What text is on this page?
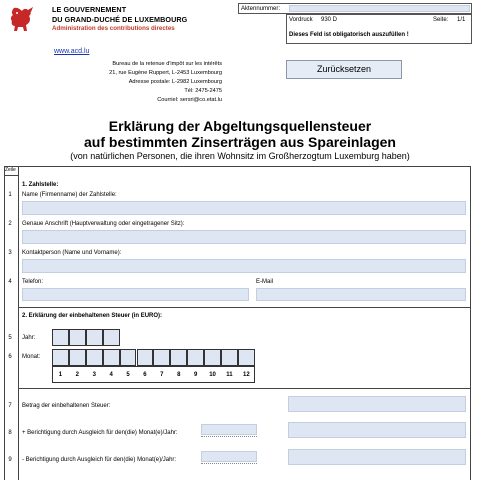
LE GOUVERNEMENT
DU GRAND-DUCHÉ DE LUXEMBOURG
Administration des contributions directes
www.acd.lu
Bureau de la retenue d'impôt sur les intérêts
21, rue Eugène Ruppert, L-2453 Luxembourg
Adresse postale: L-2982 Luxembourg
Tél: 2475-2475
Courriel: sersri@co.etat.lu
Aktennummer:
Vordruck 930 D	Seite: 1/1
Dieses Feld ist obligatorisch auszufüllen !
Zurücksetzen
Erklärung der Abgeltungsquellensteuer
auf bestimmten Zinserträgen aus Spareinlagen
(von natürlichen Personen, die ihren Wohnsitz im Großherzogtum Luxemburg haben)
Zeile
1. Zahlstelle:
1	Name (Firmenname) der Zahlstelle:
2	Genaue Anschrift (Hauptverwaltung oder eingetragener Sitz):
3	Kontaktperson (Name und Vorname):
4	Telefon:	E-Mail
2. Erklärung der einbehaltenen Steuer (in EURO):
5	Jahr:
6	Monat:
1	2	3	4	5	6	7	8	9	10	11	12
7	Betrag der einbehaltenen Steuer:
8	+ Berichtigung durch Ausgleich für den(die) Monat(e)/Jahr:
9	- Berichtigung durch Ausgleich für den(die) Monat(e)/Jahr:
